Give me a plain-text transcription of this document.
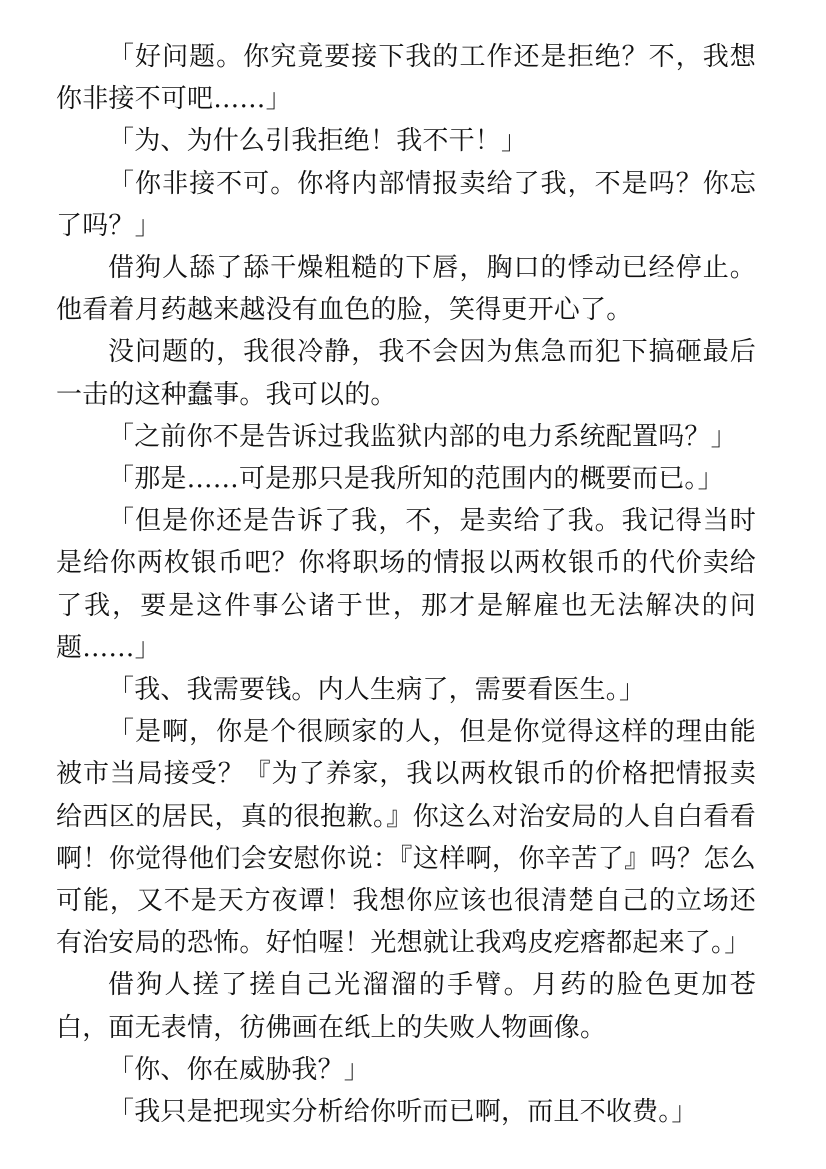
「好问题。你究竟要接下我的工作还是拒绝？不，我想你非接不可吧……」

「为、为什么引我拒绝！我不干！」

「你非接不可。你将内部情报卖给了我，不是吗？你忘了吗？」

借狗人舔了舔干燥粗糙的下唇，胸口的悸动已经停止。他看着月药越来越没有血色的脸，笑得更开心了。

没问题的，我很冷静，我不会因为焦急而犯下搞砸最后一击的这种蠢事。我可以的。

「之前你不是告诉过我监狱内部的电力系统配置吗？」

「那是……可是那只是我所知的范围内的概要而已。」

「但是你还是告诉了我，不，是卖给了我。我记得当时是给你两枚银币吧？你将职场的情报以两枚银币的代价卖给了我，要是这件事公诸于世，那才是解雇也无法解决的问题……」

「我、我需要钱。内人生病了，需要看医生。」

「是啊，你是个很顾家的人，但是你觉得这样的理由能被市当局接受？『为了养家，我以两枚银币的价格把情报卖给西区的居民，真的很抱歉。』你这么对治安局的人自白看看啊！你觉得他们会安慰你说：『这样啊，你辛苦了』吗？怎么可能，又不是天方夜谭！我想你应该也很清楚自己的立场还有治安局的恐怖。好怕喔！光想就让我鸡皮疙瘩都起来了。」

借狗人搓了搓自己光溜溜的手臂。月药的脸色更加苍白，面无表情，彷佛画在纸上的失败人物画像。

「你、你在威胁我？」

「我只是把现实分析给你听而已啊，而且不收费。」
